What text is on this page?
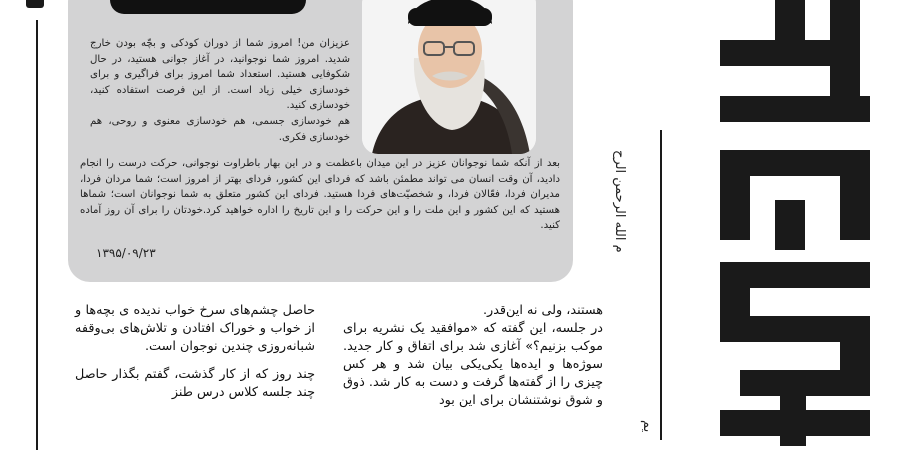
عزیزان من! امروز شما از دوران کودکی و بچّه بودن خارج شدید. امروز شما نوجوانید، در آغاز جوانی هستید، در حال شکوفایی هستید. استعداد شما امروز برای فراگیری و برای خودسازی خیلی زیاد است. از این فرصت استفاده کنید، خودسازی کنید.
هم خودسازی جسمی، هم خودسازی معنوی و روحی، هم خودسازی فکری.

بعد از آنکه شما نوجوانان عزیز در این میدان باعظمت و در این بهار باطراوت نوجوانی، حرکت درست را انجام دادید، آن وقت انسان می تواند مطمئن باشد که فردای این کشور، فردای بهتر از امروز است؛ شما مردان فردا، مدیران فردا، فعّالان فردا، و شخصیّت‌های فردا هستید. فردای این کشور متعلق به شما نوجوانان است؛ شماها هستید که این کشور و این ملت را و این حرکت را و این تاریخ را اداره خواهید کرد.خودتان را برای آن روز آماده کنید.

۱۳۹۵/۰۹/۲۳

هستند، ولی نه این‌قدر.

در جلسه، این گفته که «موافقید یک نشریه برای موکب بزنیم؟» آغازی شد برای اتفاق و کار جدید. سوژه‌ها و ایده‌ها یکی‌یکی بیان شد و هر کس چیزی را از گفته‌ها گرفت و دست به کار شد. ذوق و شوق نوشتنشان برای این بود

حاصل چشم‌های سرخ خواب ندیده ی بچه‌ها و از خواب و خوراک افتادن و تلاش‌های بی‌وقفه شبانه‌روزی چندین نوجوان است.

چند روز که از کار گذشت، گفتم بگذار حاصل چند جلسه کلاس درس طنز

م الله الرحمن الرح
یم
